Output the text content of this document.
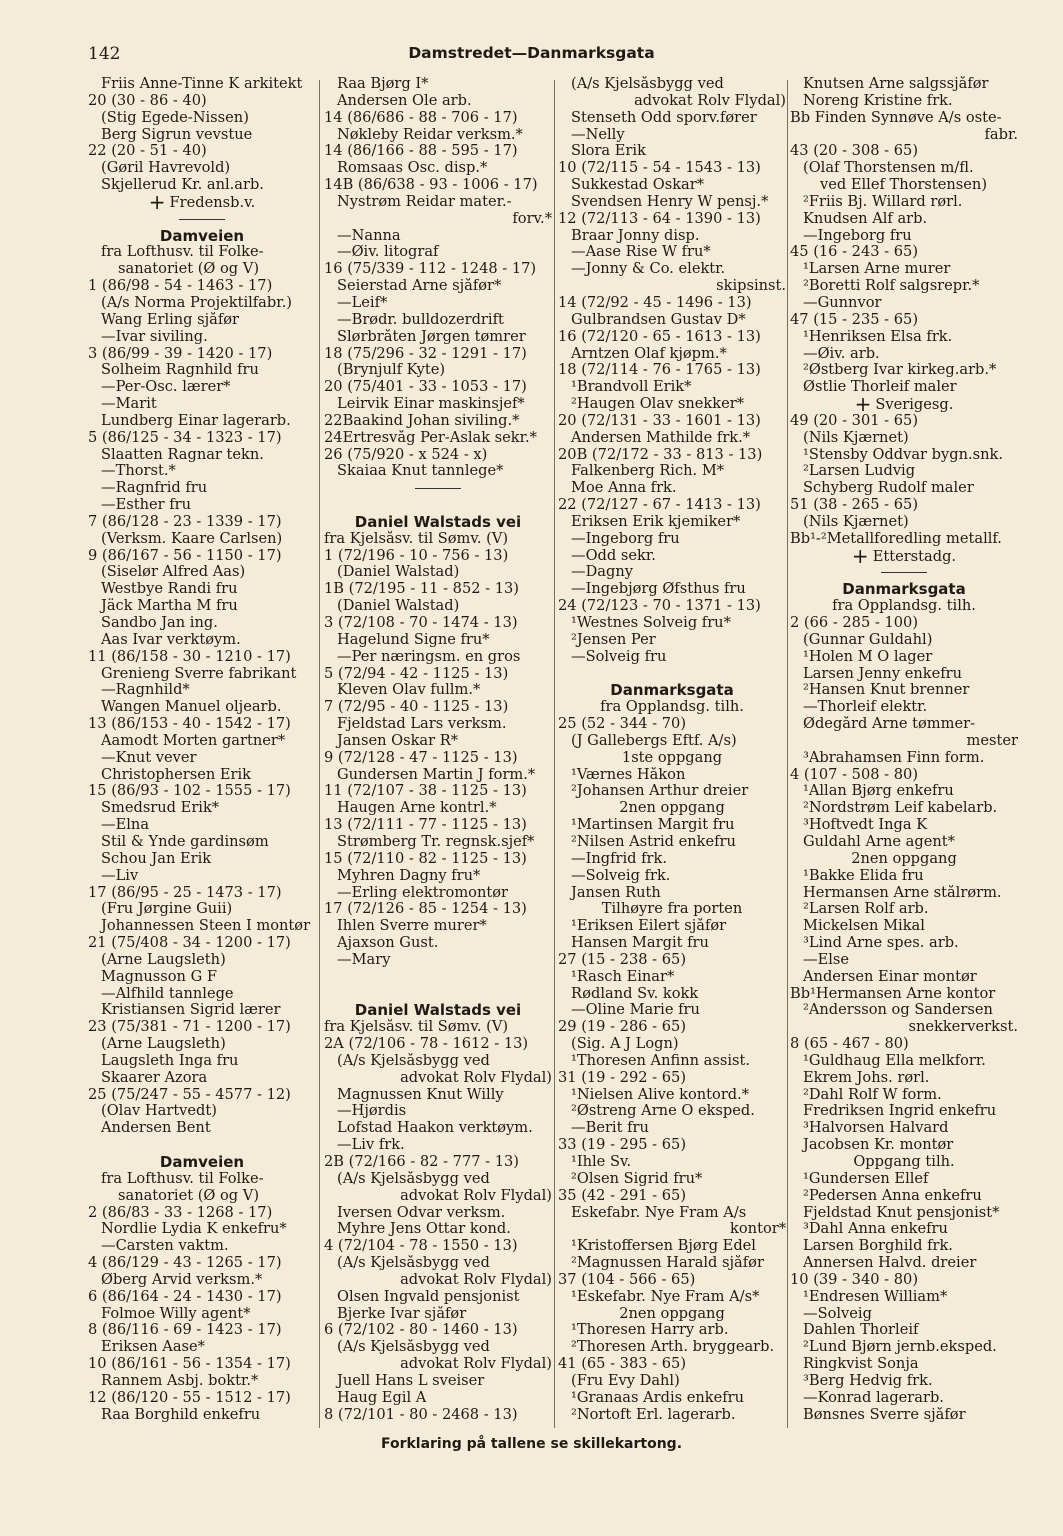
142	Damstredet—Danmarksgata
Friis Anne-Tinne K arkitekt
20 (30 - 86 - 40)
(Stig Egede-Nissen)
Berg Sigrun vevstue
22 (20 - 51 - 40)
(Gøril Havrevold)
Skjellerud Kr. anl.arb.
+ Fredensb.v.
Damveien
fra Lofthusv. til Folke-
sanatoriet (Ø og V)
1 (86/98 - 54 - 1463 - 17)
(A/s Norma Projektilfabr.)
Wang Erling sjåfør
—Ivar siviling.
3 (86/99 - 39 - 1420 - 17)
Solheim Ragnhild fru
—Per-Osc. lærer*
—Marit
Lundberg Einar lagerarb.
5 (86/125 - 34 - 1323 - 17)
Slaatten Ragnar tekn.
—Thorst.*
—Ragnfrid fru
—Esther fru
7 (86/128 - 23 - 1339 - 17)
(Verksm. Kaare Carlsen)
9 (86/167 - 56 - 1150 - 17)
(Siselør Alfred Aas)
Westbye Randi fru
Jäck Martha M fru
Sandbo Jan ing.
Aas Ivar verktøym.
11 (86/158 - 30 - 1210 - 17)
Grenieng Sverre fabrikant
—Ragnhild*
Wangen Manuel oljearb.
13 (86/153 - 40 - 1542 - 17)
Aamodt Morten gartner*
—Knut vever
Christophersen Erik
15 (86/93 - 102 - 1555 - 17)
Smedsrud Erik*
—Elna
Stil & Ynde gardinsøm
Schou Jan Erik
—Liv
17 (86/95 - 25 - 1473 - 17)
(Fru Jørgine Guii)
Johannessen Steen I montør
21 (75/408 - 34 - 1200 - 17)
(Arne Laugsleth)
Magnusson G F
—Alfhild tannlege
Kristiansen Sigrid lærer
23 (75/381 - 71 - 1200 - 17)
(Arne Laugsleth)
Laugsleth Inga fru
Skaarer Azora
25 (75/247 - 55 - 4577 - 12)
(Olav Hartvedt)
Andersen Bent
Damveien
fra Lofthusv. til Folke-
sanatoriet (Ø og V)
2 (86/83 - 33 - 1268 - 17)
Nordlie Lydia K enkefru*
—Carsten vaktm.
4 (86/129 - 43 - 1265 - 17)
Øberg Arvid verksm.*
6 (86/164 - 24 - 1430 - 17)
Folmoe Willy agent*
8 (86/116 - 69 - 1423 - 17)
Eriksen Aase*
10 (86/161 - 56 - 1354 - 17)
Rannem Asbj. boktr.*
12 (86/120 - 55 - 1512 - 17)
Raa Borghild enkefru
Raa Bjørg I*
Andersen Ole arb.
14 (86/686 - 88 - 706 - 17)
Nøkleby Reidar verksm.*
14 (86/166 - 88 - 595 - 17)
Romsaas Osc. disp.*
14B (86/638 - 93 - 1006 - 17)
Nystrøm Reidar mater.-
forv.*
—Nanna
—Øiv. litograf
16 (75/339 - 112 - 1248 - 17)
Seierstad Arne sjåfør*
—Leif*
—Brødr. bulldozerdrift
Slørbråten Jørgen tømrer
18 (75/296 - 32 - 1291 - 17)
(Brynjulf Kyte)
20 (75/401 - 33 - 1053 - 17)
Leirvik Einar maskinsjef*
22Baakind Johan siviling.*
24Ertresvåg Per-Aslak sekr.*
26 (75/920 - x 524 - x)
Skaiaa Knut tannlege*
Daniel Walstads vei
fra Kjelsåsv. til Sømv. (V)
1 (72/196 - 10 - 756 - 13)
(Daniel Walstad)
1B (72/195 - 11 - 852 - 13)
(Daniel Walstad)
3 (72/108 - 70 - 1474 - 13)
Hagelund Signe fru*
—Per næringsm. en gros
5 (72/94 - 42 - 1125 - 13)
Kleven Olav fullm.*
7 (72/95 - 40 - 1125 - 13)
Fjeldstad Lars verksm.
Jansen Oskar R*
9 (72/128 - 47 - 1125 - 13)
Gundersen Martin J form.*
11 (72/107 - 38 - 1125 - 13)
Haugen Arne kontrl.*
13 (72/111 - 77 - 1125 - 13)
Strømberg Tr. regnsk.sjef*
15 (72/110 - 82 - 1125 - 13)
Myhren Dagny fru*
—Erling elektromontør
17 (72/126 - 85 - 1254 - 13)
Ihlen Sverre murer*
Ajaxson Gust.
—Mary
Daniel Walstads vei
fra Kjelsåsv. til Sømv. (V)
2A (72/106 - 78 - 1612 - 13)
(A/s Kjelsåsbygg ved
advokat Rolv Flydal)
Magnussen Knut Willy
—Hjørdis
Lofstad Haakon verktøym.
—Liv frk.
2B (72/166 - 82 - 777 - 13)
(A/s Kjelsåsbygg ved
advokat Rolv Flydal)
Iversen Odvar verksm.
Myhre Jens Ottar kond.
4 (72/104 - 78 - 1550 - 13)
(A/s Kjelsåsbygg ved
advokat Rolv Flydal)
Olsen Ingvald pensjonist
Bjerke Ivar sjåfør
6 (72/102 - 80 - 1460 - 13)
(A/s Kjelsåsbygg ved
advokat Rolv Flydal)
Juell Hans L sveiser
Haug Egil A
8 (72/101 - 80 - 2468 - 13)
(A/s Kjelsåsbygg ved
advokat Rolv Flydal)
Stenseth Odd sporv.fører
—Nelly
Slora Erik
10 (72/115 - 54 - 1543 - 13)
Sukkestad Oskar*
Svendsen Henry W pensj.*
12 (72/113 - 64 - 1390 - 13)
Braar Jonny disp.
—Aase Rise W fru*
—Jonny & Co. elektr.
skipsinst.
14 (72/92 - 45 - 1496 - 13)
Gulbrandsen Gustav D*
16 (72/120 - 65 - 1613 - 13)
Arntzen Olaf kjøpm.*
18 (72/114 - 76 - 1765 - 13)
¹Brandvoll Erik*
²Haugen Olav snekker*
20 (72/131 - 33 - 1601 - 13)
Andersen Mathilde frk.*
20B (72/172 - 33 - 813 - 13)
Falkenberg Rich. M*
Moe Anna frk.
22 (72/127 - 67 - 1413 - 13)
Eriksen Erik kjemiker*
—Ingeborg fru
—Odd sekr.
—Dagny
—Ingebjørg Øfsthus fru
24 (72/123 - 70 - 1371 - 13)
¹Westnes Solveig fru*
²Jensen Per
—Solveig fru
Danmarksgata
fra Opplandsg. tilh.
25 (52 - 344 - 70)
(J Gallebergs Eftf. A/s)
1ste oppgang
¹Værnes Håkon
²Johansen Arthur dreier
2nen oppgang
¹Martinsen Margit fru
²Nilsen Astrid enkefru
—Ingfrid frk.
—Solveig frk.
Jansen Ruth
Tilhøyre fra porten
¹Eriksen Eilert sjåfør
Hansen Margit fru
27 (15 - 238 - 65)
¹Rasch Einar*
Rødland Sv. kokk
—Oline Marie fru
29 (19 - 286 - 65)
(Sig. A J Logn)
¹Thoresen Anfinn assist.
31 (19 - 292 - 65)
¹Nielsen Alive kontord.*
²Østreng Arne O eksped.
—Berit fru
33 (19 - 295 - 65)
¹Ihle Sv.
²Olsen Sigrid fru*
35 (42 - 291 - 65)
Eskefabr. Nye Fram A/s
kontor*
¹Kristoffersen Bjørg Edel
²Magnussen Harald sjåfør
37 (104 - 566 - 65)
¹Eskefabr. Nye Fram A/s*
2nen oppgang
¹Thoresen Harry arb.
²Thoresen Arth. bryggearb.
41 (65 - 383 - 65)
(Fru Evy Dahl)
¹Granaas Ardis enkefru
²Nortoft Erl. lagerarb.
Knutsen Arne salgssjåfør
Noreng Kristine frk.
Bb Finden Synnøve A/s oste-
fabr.
43 (20 - 308 - 65)
(Olaf Thorstensen m/fl.
ved Ellef Thorstensen)
²Friis Bj. Willard rørl.
Knudsen Alf arb.
—Ingeborg fru
45 (16 - 243 - 65)
¹Larsen Arne murer
²Boretti Rolf salgsrepr.*
—Gunnvor
47 (15 - 235 - 65)
¹Henriksen Elsa frk.
—Øiv. arb.
²Østberg Ivar kirkeg.arb.*
Østlie Thorleif maler
+ Sverigesg.
49 (20 - 301 - 65)
(Nils Kjærnet)
¹Stensby Oddvar bygn.snk.
²Larsen Ludvig
Schyberg Rudolf maler
51 (38 - 265 - 65)
(Nils Kjærnet)
Bb¹-²Metallforedling metallf.
+ Etterstadg.
Danmarksgata
fra Opplandsg. tilh.
2 (66 - 285 - 100)
(Gunnar Guldahl)
¹Holen M O lager
Larsen Jenny enkefru
²Hansen Knut brenner
—Thorleif elektr.
Ødegård Arne tømmer-
mester
³Abrahamsen Finn form.
4 (107 - 508 - 80)
¹Allan Bjørg enkefru
²Nordstrøm Leif kabelarb.
³Hoftvedt Inga K
Guldahl Arne agent*
2nen oppgang
¹Bakke Elida fru
Hermansen Arne stålrørm.
²Larsen Rolf arb.
Mickelsen Mikal
³Lind Arne spes. arb.
—Else
Andersen Einar montør
Bb¹Hermansen Arne kontor
²Andersson og Sandersen
snekkerverkst.
8 (65 - 467 - 80)
¹Guldhaug Ella melkforr.
Ekrem Johs. rørl.
²Dahl Rolf W form.
Fredriksen Ingrid enkefru
³Halvorsen Halvard
Jacobsen Kr. montør
Oppgang tilh.
¹Gundersen Ellef
²Pedersen Anna enkefru
Fjeldstad Knut pensjonist*
³Dahl Anna enkefru
Larsen Borghild frk.
Annersen Halvd. dreier
10 (39 - 340 - 80)
¹Endresen William*
—Solveig
Dahlen Thorleif
²Lund Bjørn jernb.eksped.
Ringkvist Sonja
³Berg Hedvig frk.
—Konrad lagerarb.
Bønsnes Sverre sjåfør
Forklaring på tallene se skillekartong.
